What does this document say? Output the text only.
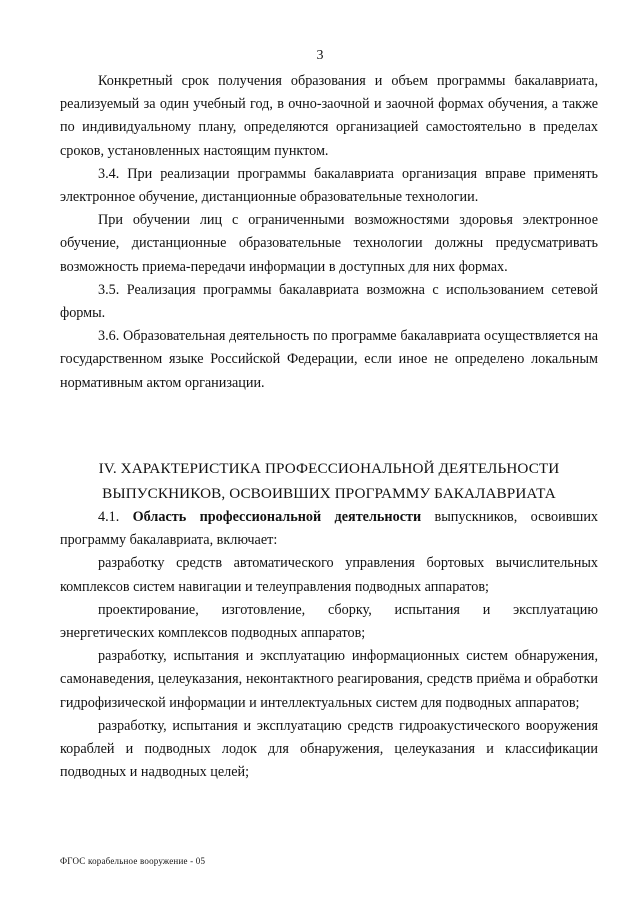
3

Конкретный срок получения образования и объем программы бакалавриата, реализуемый за один учебный год, в очно-заочной и заочной формах обучения, а также по индивидуальному плану, определяются организацией самостоятельно в пределах сроков, установленных настоящим пунктом.

3.4. При реализации программы бакалавриата организация вправе применять электронное обучение, дистанционные образовательные технологии.

При обучении лиц с ограниченными возможностями здоровья электронное обучение, дистанционные образовательные технологии должны предусматривать возможность приема-передачи информации в доступных для них формах.

3.5. Реализация программы бакалавриата возможна с использованием сетевой формы.

3.6. Образовательная деятельность по программе бакалавриата осуществляется на государственном языке Российской Федерации, если иное не определено локальным нормативным актом организации.

IV. ХАРАКТЕРИСТИКА ПРОФЕССИОНАЛЬНОЙ ДЕЯТЕЛЬНОСТИ

ВЫПУСКНИКОВ, ОСВОИВШИХ ПРОГРАММУ БАКАЛАВРИАТА

4.1. Область профессиональной деятельности выпускников, освоивших программу бакалавриата, включает:

разработку средств автоматического управления бортовых вычислительных комплексов систем навигации и телеуправления подводных аппаратов;

проектирование, изготовление, сборку, испытания и эксплуатацию энергетических комплексов подводных аппаратов;

разработку, испытания и эксплуатацию информационных систем обнаружения, самонаведения, целеуказания, неконтактного реагирования, средств приёма и обработки гидрофизической информации и интеллектуальных систем для подводных аппаратов;

разработку, испытания и эксплуатацию средств гидроакустического вооружения кораблей и подводных лодок для обнаружения, целеуказания и классификации подводных и надводных целей;

ФГОС корабельное вооружение - 05
